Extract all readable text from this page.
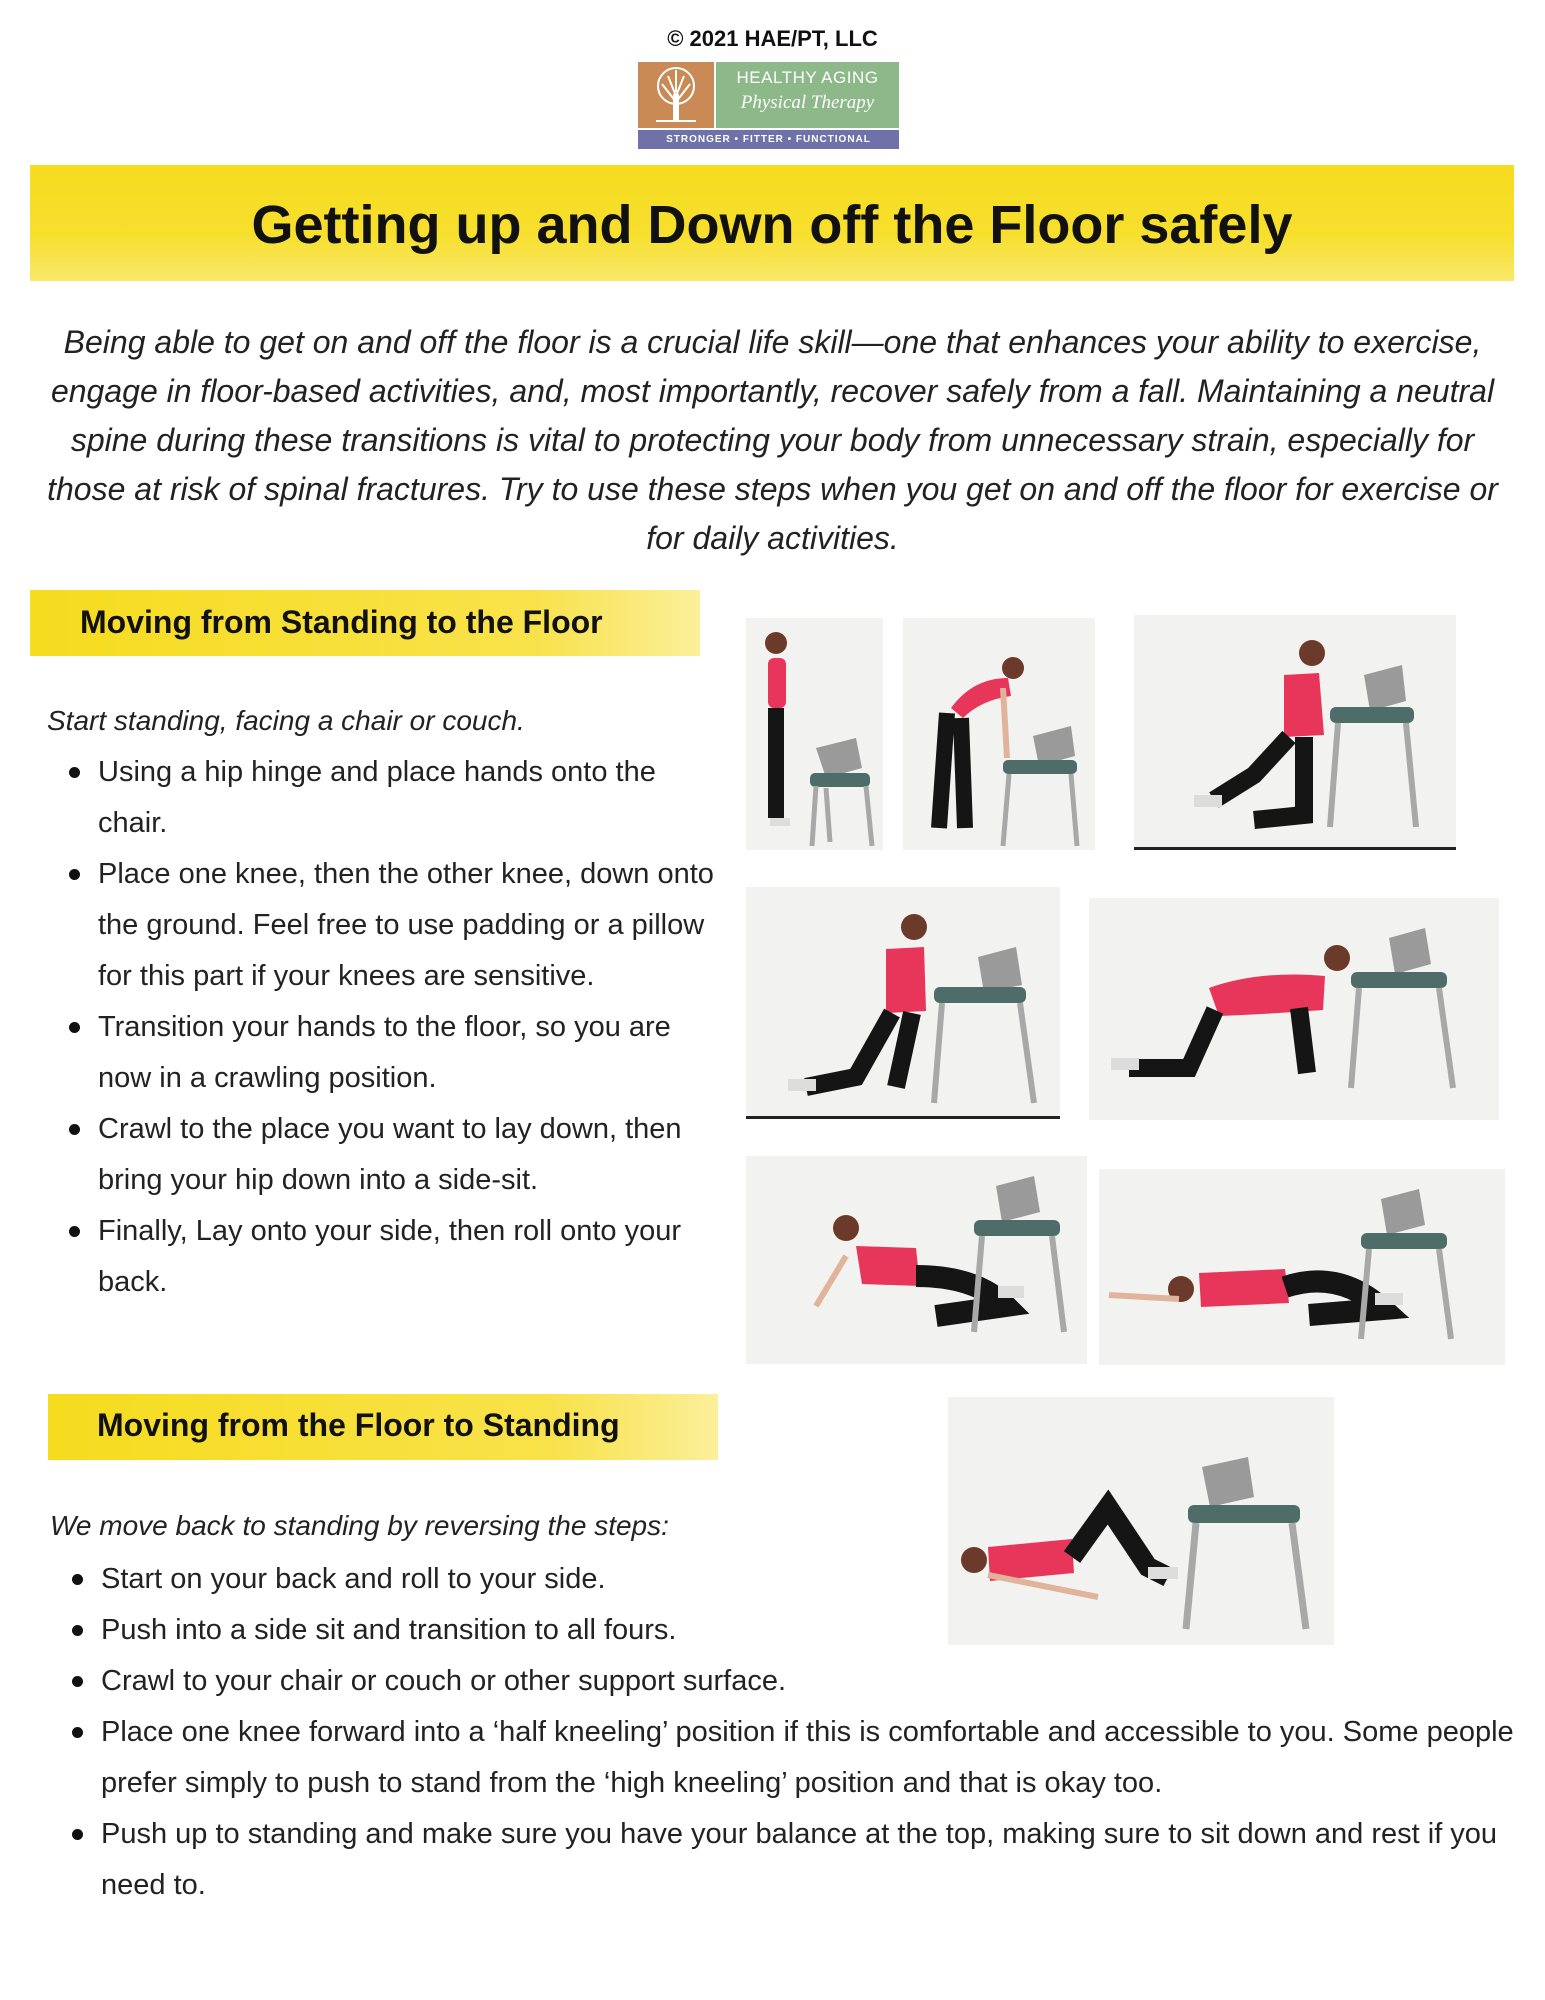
© 2021 HAE/PT, LLC
HEALTHY AGING
Physical Therapy
STRONGER • FITTER • FUNCTIONAL
Getting up and Down off the Floor safely
Being able to get on and off the floor is a crucial life skill—one that enhances your ability to exercise, engage in floor-based activities, and, most importantly, recover safely from a fall. Maintaining a neutral spine during these transitions is vital to protecting your body from unnecessary strain, especially for those at risk of spinal fractures. Try to use these steps when you get on and off the floor for exercise or for daily activities.
Moving from Standing to the Floor
Start standing, facing a chair or couch.
Using a hip hinge and place hands onto the chair.
Place one knee, then the other knee, down onto the ground. Feel free to use padding or a pillow for this part if your knees are sensitive.
Transition your hands to the floor, so you are now in a crawling position.
Crawl to the place you want to lay down, then bring your hip down into a side-sit.
Finally, Lay onto your side, then roll onto your back.
Moving from the Floor to Standing
We move back to standing by reversing the steps:
Start on your back and roll to your side.
Push into a side sit and transition to all fours.
Crawl to your chair or couch or other support surface.
Place one knee forward into a ‘half kneeling’ position if this is comfortable and accessible to you. Some people prefer simply to push to stand from the ‘high kneeling’ position and that is okay too.
Push up to standing and make sure you have your balance at the top, making sure to sit down and rest if you need to.
